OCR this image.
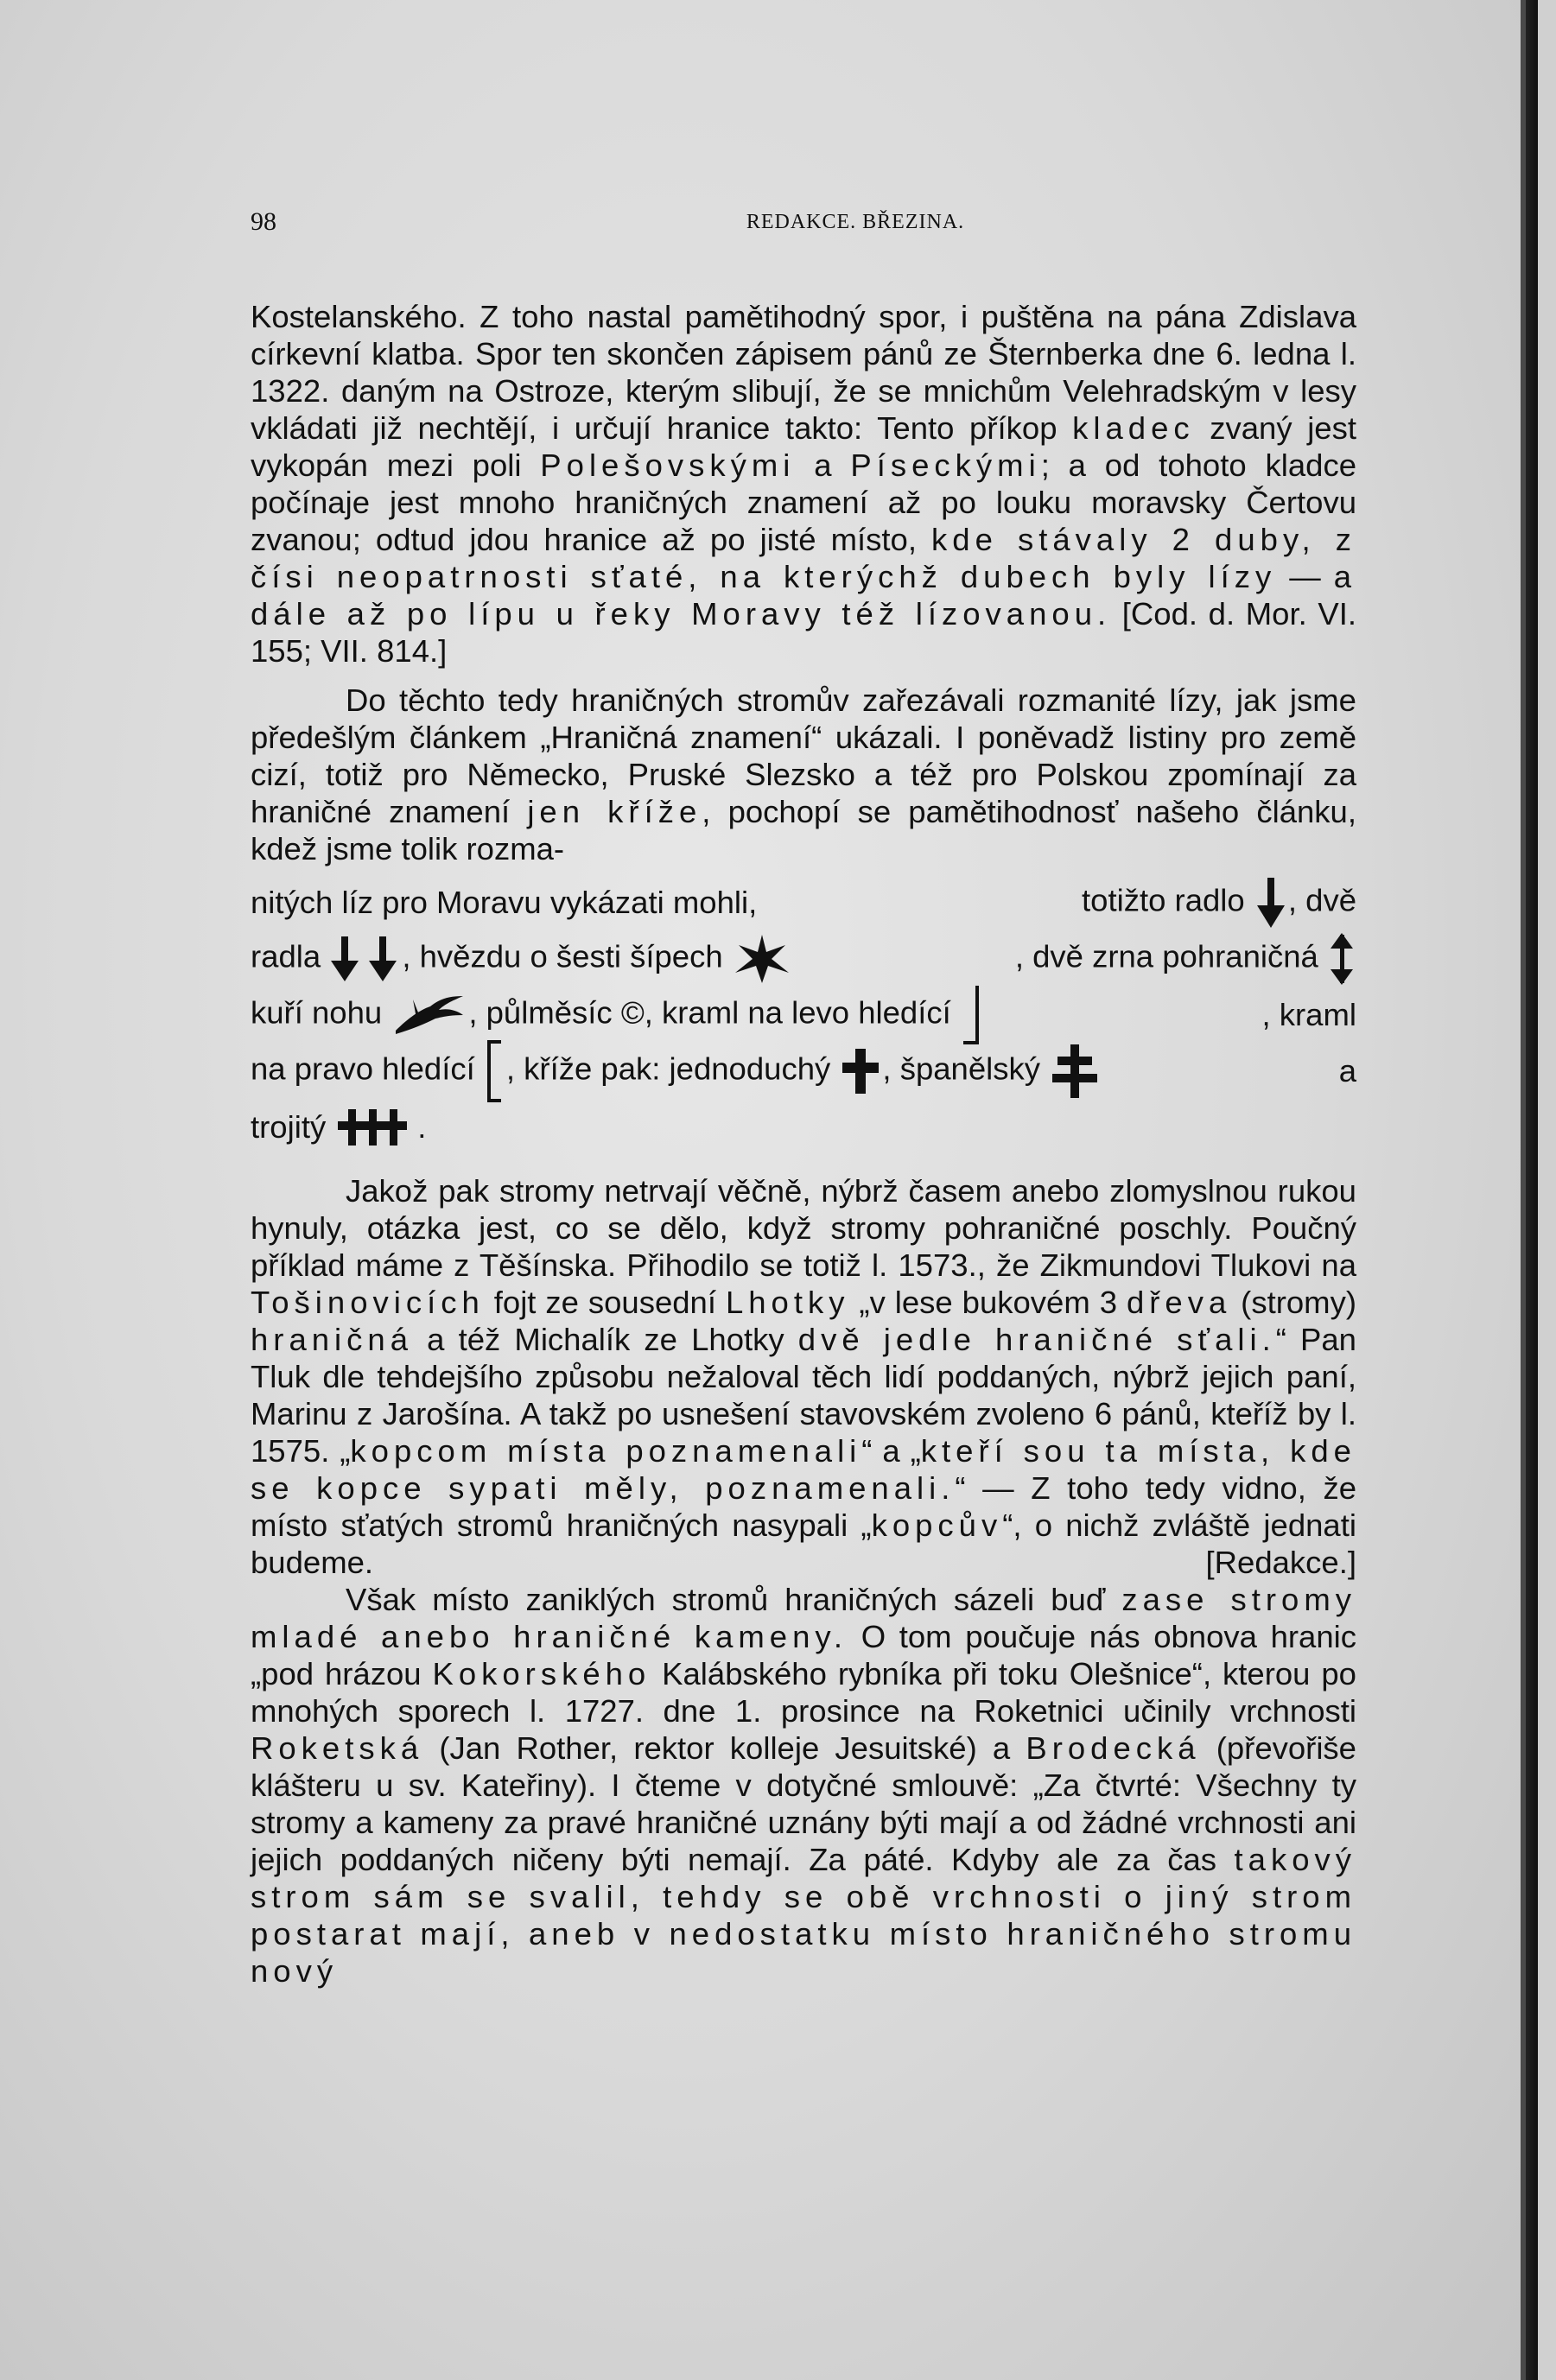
98	REDAKCE. BŘEZINA.

Kostelanského. Z toho nastal pamětihodný spor, i puštěna na pána Zdislava církevní klatba. Spor ten skončen zápisem pánů ze Šternberka dne 6. ledna l. 1322. daným na Ostroze, kterým slibují, že se mnichům Velehradským v lesy vkládati již nechtějí, i určují hranice takto: Tento příkop kladec zvaný jest vykopán mezi poli Polešovskými a Píseckými; a od tohoto kladce počínaje jest mnoho hraničných znamení až po louku moravsky Čertovu zvanou; odtud jdou hranice až po jisté místo, kde stávaly 2 duby, z čísi neopatrnosti sťaté, na kterýchž dubech byly lízy — a dále až po lípu u řeky Moravy též lízovanou. [Cod. d. Mor. VI. 155; VII. 814.]

Do těchto tedy hraničných stromův zařezávali rozmanité lízy, jak jsme předešlým článkem „Hraničná znamení“ ukázali. I poněvadž listiny pro země cizí, totiž pro Německo, Pruské Slezsko a též pro Polskou zpomínají za hraničné znamení jen kříže, pochopí se pamětihodnosť našeho článku, kdež jsme tolik rozma-

nitých líz pro Moravu vykázati mohli,	totižto radlo , dvě
radla	, hvězdu o šesti šípech	, dvě zrna pohraničná
kuří nohu	, půlměsíc ©, kraml na levo hledící	, kraml
na pravo hledící , kříže pak: jednoduchý , španělský	a
trojitý	.

Jakož pak stromy netrvají věčně, nýbrž časem anebo zlomyslnou rukou hynuly, otázka jest, co se dělo, když stromy pohraničné poschly. Poučný příklad máme z Těšínska. Přihodilo se totiž l. 1573., že Zikmundovi Tlukovi na Tošinovicích fojt ze sousední Lhotky „v lese bukovém 3 dřeva (stromy) hraničná a též Michalík ze Lhotky dvě jedle hraničné sťali.“ Pan Tluk dle tehdejšího způsobu nežaloval těch lidí poddaných, nýbrž jejich paní, Marinu z Jarošína. A takž po usnešení stavovském zvoleno 6 pánů, kteříž by l. 1575. „kopcom místa poznamenali“ a „kteří sou ta místa, kde se kopce sypati měly, poznamenali.“ — Z toho tedy vidno, že místo sťatých stromů hraničných nasypali „kopcův“, o nichž zvláště jednati budeme.	[Redakce.]

Však místo zaniklých stromů hraničných sázeli buď zase stromy mladé anebo hraničné kameny. O tom poučuje nás obnova hranic „pod hrázou Kokorského Kalábského rybníka při toku Olešnice“, kterou po mnohých sporech l. 1727. dne 1. prosince na Roketnici učinily vrchnosti Roketská (Jan Rother, rektor kolleje Jesuitské) a Brodecká (převořiše klášteru u sv. Kateřiny). I čteme v dotyčné smlouvě: „Za čtvrté: Všechny ty stromy a kameny za pravé hraničné uznány býti mají a od žádné vrchnosti ani jejich poddaných ničeny býti nemají. Za páté. Kdyby ale za čas takový strom sám se svalil, tehdy se obě vrchnosti o jiný strom postarat mají, aneb v nedostatku místo hraničného stromu nový
